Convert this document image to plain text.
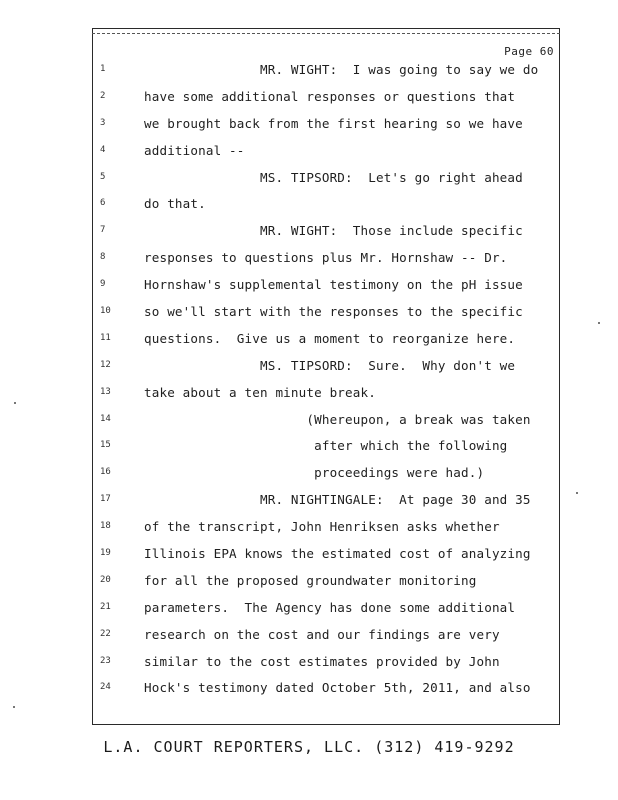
Page 60
1	MR. WIGHT:  I was going to say we do
2	have some additional responses or questions that
3	we brought back from the first hearing so we have
4	additional --
5	MS. TIPSORD:  Let's go right ahead
6	do that.
7	MR. WIGHT:  Those include specific
8	responses to questions plus Mr. Hornshaw -- Dr.
9	Hornshaw's supplemental testimony on the pH issue
10	so we'll start with the responses to the specific
11	questions.  Give us a moment to reorganize here.
12	MS. TIPSORD:  Sure.  Why don't we
13	take about a ten minute break.
14	(Whereupon, a break was taken
15	after which the following
16	proceedings were had.)
17	MR. NIGHTINGALE:  At page 30 and 35
18	of the transcript, John Henriksen asks whether
19	Illinois EPA knows the estimated cost of analyzing
20	for all the proposed groundwater monitoring
21	parameters.  The Agency has done some additional
22	research on the cost and our findings are very
23	similar to the cost estimates provided by John
24	Hock's testimony dated October 5th, 2011, and also
L.A. COURT REPORTERS, LLC. (312) 419-9292
